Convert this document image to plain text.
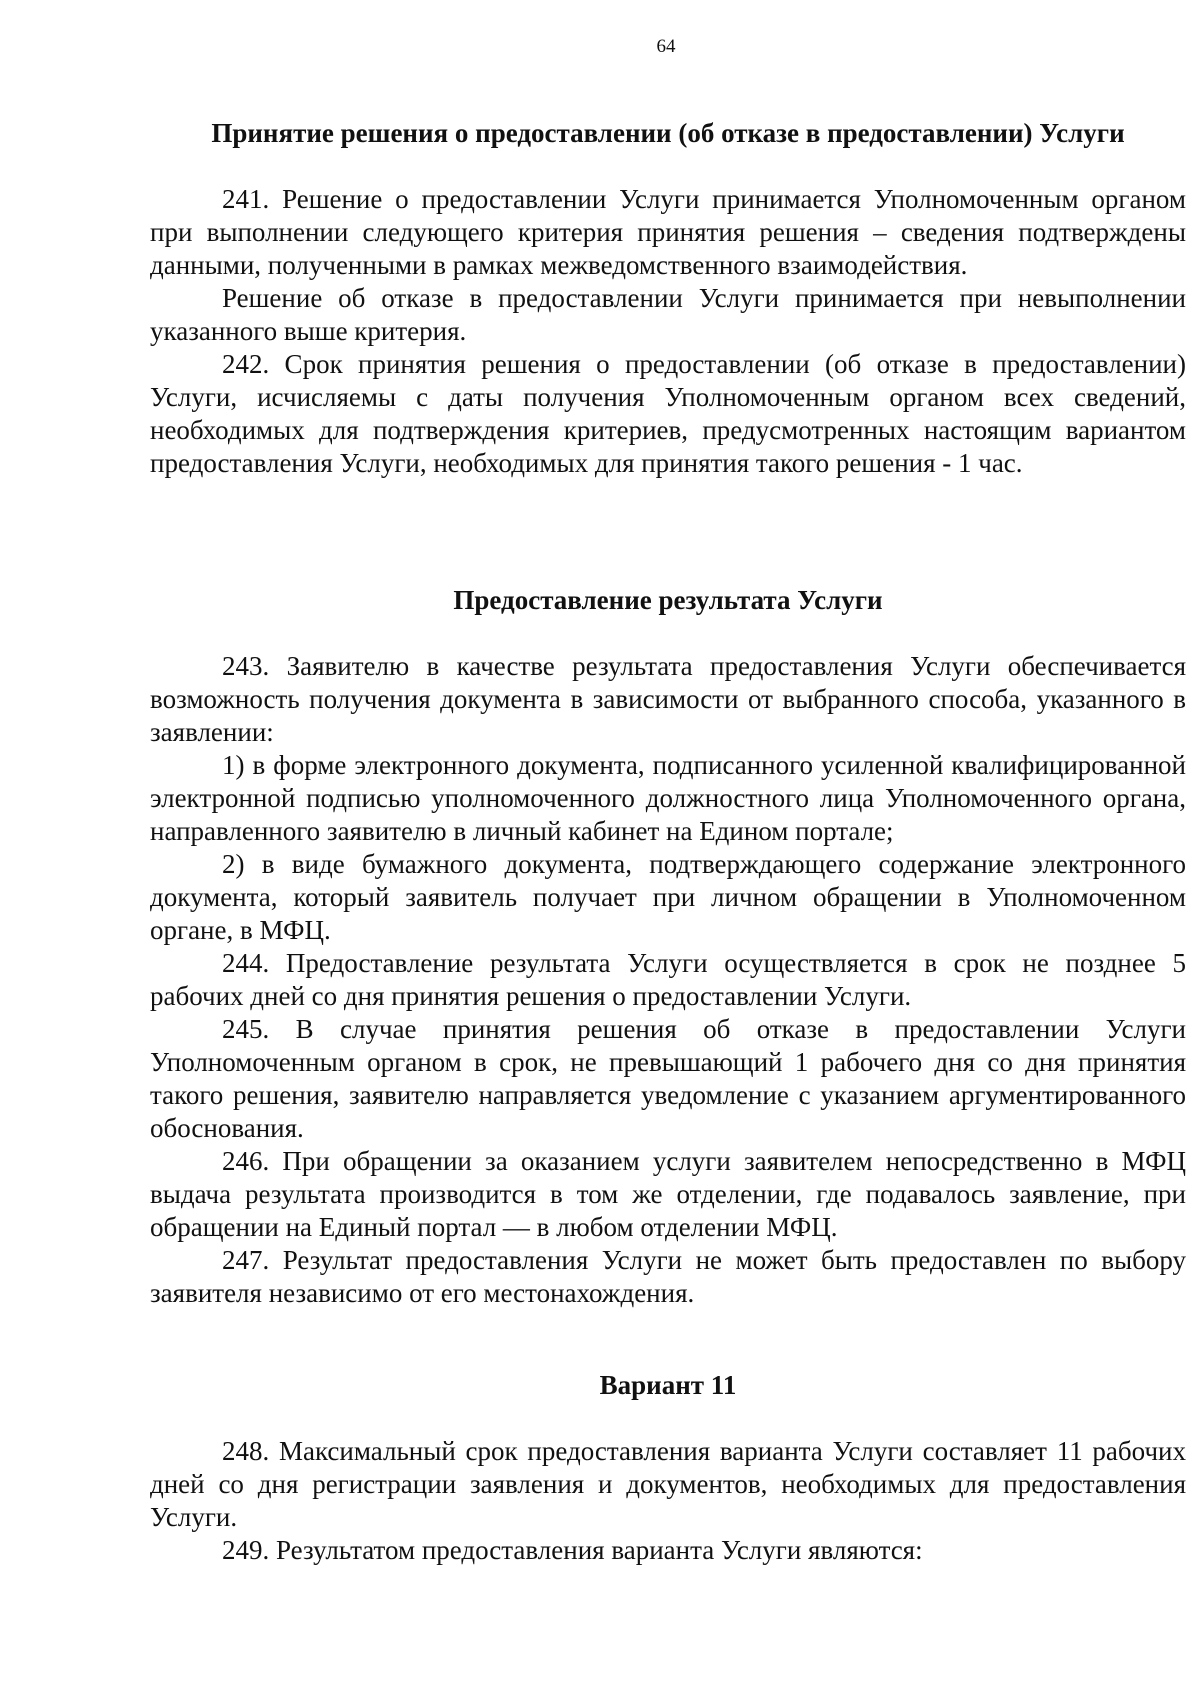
64

Принятие решения о предоставлении (об отказе в предоставлении) Услуги

241. Решение о предоставлении Услуги принимается Уполномоченным органом при выполнении следующего критерия принятия решения – сведения подтверждены данными, полученными в рамках межведомственного взаимодействия.

Решение об отказе в предоставлении Услуги принимается при невыполнении указанного выше критерия.

242. Срок принятия решения о предоставлении (об отказе в предоставлении) Услуги, исчисляемы с даты получения Уполномоченным органом всех сведений, необходимых для подтверждения критериев, предусмотренных настоящим вариантом предоставления Услуги, необходимых для принятия такого решения - 1 час.

Предоставление результата Услуги

243. Заявителю в качестве результата предоставления Услуги обеспечивается возможность получения документа в зависимости от выбранного способа, указанного в заявлении:

1) в форме электронного документа, подписанного усиленной квалифицированной электронной подписью уполномоченного должностного лица Уполномоченного органа, направленного заявителю в личный кабинет на Едином портале;

2) в виде бумажного документа, подтверждающего содержание электронного документа, который заявитель получает при личном обращении в Уполномоченном органе, в МФЦ.

244. Предоставление результата Услуги осуществляется в срок не позднее 5 рабочих дней со дня принятия решения о предоставлении Услуги.

245. В случае принятия решения об отказе в предоставлении Услуги Уполномоченным органом в срок, не превышающий 1 рабочего дня со дня принятия такого решения, заявителю направляется уведомление с указанием аргументированного обоснования.

246. При обращении за оказанием услуги заявителем непосредственно в МФЦ выдача результата производится в том же отделении, где подавалось заявление, при обращении на Единый портал — в любом отделении МФЦ.

247. Результат предоставления Услуги не может быть предоставлен по выбору заявителя независимо от его местонахождения.

Вариант 11

248. Максимальный срок предоставления варианта Услуги составляет 11 рабочих дней со дня регистрации заявления и документов, необходимых для предоставления Услуги.

249. Результатом предоставления варианта Услуги являются:
